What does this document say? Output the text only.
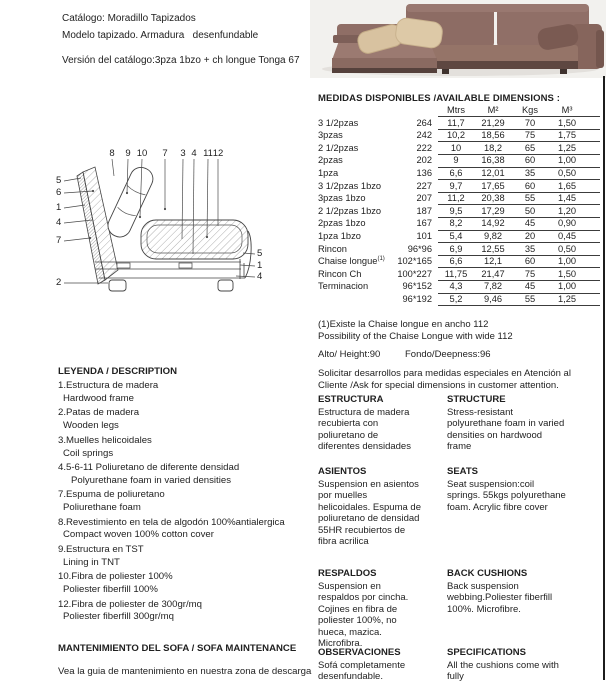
Catálogo: Moradillo Tapizados
Modelo tapizado. Armadura   desenfundable
Versión del catálogo:3pza 1bzo + ch longue Tonga 67
8 9 10 7 3 4 11 12
5
6
1
4
7
2
5
1
4
MEDIDAS DISPONIBLES /AVAILABLE DIMENSIONS :
Mtrs	M²	Kgs	M³
3 1/2pzas	264	11,7	21,29	70	1,50
3pzas	242	10,2	18,56	75	1,75
2 1/2pzas	222	10	18,2	65	1,25
2pzas	202	9	16,38	60	1,00
1pza	136	6,6	12,01	35	0,50
3 1/2pzas 1bzo	227	9,7	17,65	60	1,65
3pzas 1bzo	207	11,2	20,38	55	1,45
2 1/2pzas 1bzo	187	9,5	17,29	50	1,20
2pzas 1bzo	167	8,2	14,92	45	0,90
1pza 1bzo	101	5,4	9,82	20	0,45
Rincon	96*96	6,9	12,55	35	0,50
Chaise longue$^{(1)}$	102*165	6,6	12,1	60	1,00
Rincon Ch	100*227	11,75	21,47	75	1,50
Terminacion	96*152	4,3	7,82	45	1,00
96*192	5,2	9,46	55	1,25
(1)Existe la Chaise longue en ancho 112
Possibility of the Chaise Longue with wide 112
Alto/ Height:90	Fondo/Deepness:96
Solicitar desarrollos para medidas especiales en Atención al Cliente /Ask for special dimensions in customer attention.
ESTRUCTURA
Estructura de madera recubierta con poliuretano de diferentes densidades
STRUCTURE
Stress-resistant polyurethane foam in varied densities on hardwood frame
ASIENTOS
Suspension en asientos por muelles helicoidales. Espuma de poliuretano de densidad 55HR recubiertos de fibra acrilica
SEATS
Seat suspension:coil springs. 55kgs polyurethane foam. Acrylic fibre cover
RESPALDOS
Suspension en respaldos por cincha. Cojines en fibra de poliester 100%, no hueca, mazica. Microfibra.
BACK CUSHIONS
Back suspension webbing.Poliester fiberfill 100%. Microfibre.
OBSERVACIONES
Sofá completamente desenfundable.
SPECIFICATIONS
All the cushions come with fully
LEYENDA / DESCRIPTION
1.Estructura de madera
Hardwood frame
2.Patas de madera
Wooden legs
3.Muelles helicoidales
Coil springs
4.5-6-11 Poliuretano de diferente densidad
Polyurethane foam in varied densities
7.Espuma de poliuretano
Poliurethane foam
8.Revestimiento en tela de algodón 100%antialergica
Compact woven 100% cotton cover
9.Estructura en TST
Lining in TNT
10.Fibra de poliester 100%
Poliester fiberfill 100%
12.Fibra de poliester de 300gr/mq
Poliester fiberfill 300gr/mq
MANTENIMIENTO DEL SOFA / SOFA MAINTENANCE
Vea la guia de mantenimiento en nuestra zona de descarga
